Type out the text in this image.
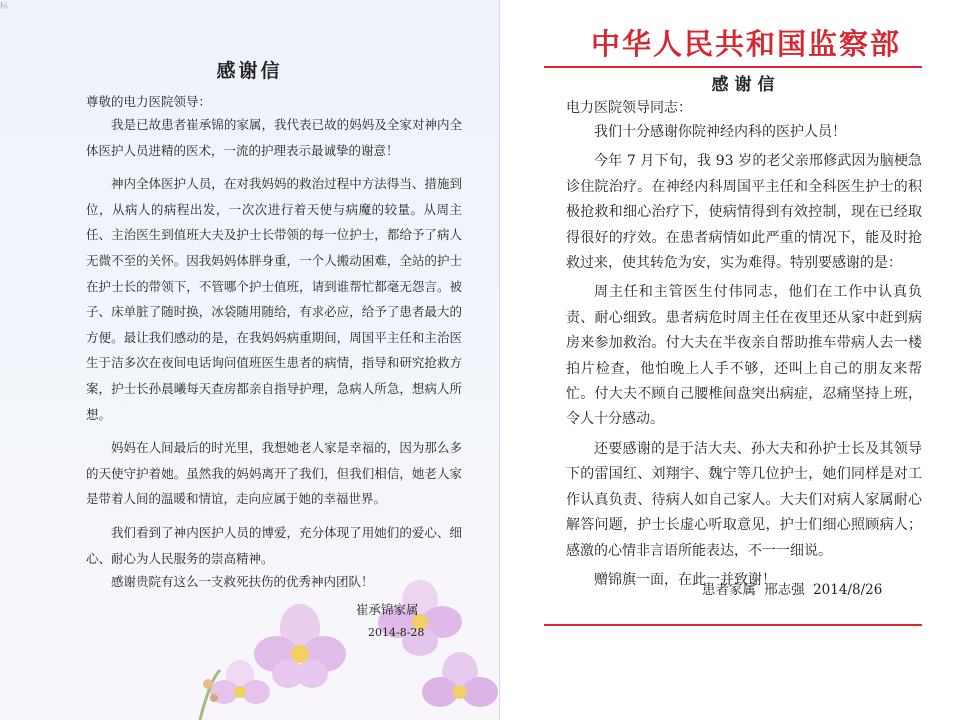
标
感谢信
尊敬的电力医院领导：

我是已故患者崔承锦的家属，我代表已故的妈妈及全家对神内全体医护人员进精的医术，一流的护理表示最诚挚的谢意！

神内全体医护人员，在对我妈妈的救治过程中方法得当、措施到位，从病人的病程出发，一次次进行着天使与病魔的较量。从周主任、主治医生到值班大夫及护士长带领的每一位护士，都给予了病人无微不至的关怀。因我妈妈体胖身重，一个人搬动困难，全站的护士在护士长的带领下，不管哪个护士值班，请到谁帮忙都毫无怨言。被子、床单脏了随时换，冰袋随用随给，有求必应，给予了患者最大的方便。最让我们感动的是，在我妈妈病重期间，周国平主任和主治医生于洁多次在夜间电话询问值班医生患者的病情，指导和研究抢救方案，护士长孙晨曦每天查房都亲自指导护理，急病人所急，想病人所想。

妈妈在人间最后的时光里，我想她老人家是幸福的，因为那么多的天使守护着她。虽然我的妈妈离开了我们，但我们相信，她老人家是带着人间的温暖和情谊，走向应属于她的幸福世界。

我们看到了神内医护人员的博爱，充分体现了用她们的爱心、细心、耐心为人民服务的崇高精神。

感谢贵院有这么一支救死扶伤的优秀神内团队！
崔承锦家属
2014-8-28
中华人民共和国监察部
感谢信
电力医院领导同志：

我们十分感谢你院神经内科的医护人员！

今年 7 月下旬，我 93 岁的老父亲邢修武因为脑梗急诊住院治疗。在神经内科周国平主任和全科医生护士的积极抢救和细心治疗下，使病情得到有效控制，现在已经取得很好的疗效。在患者病情如此严重的情况下，能及时抢救过来，使其转危为安，实为难得。特别要感谢的是：

周主任和主管医生付伟同志，他们在工作中认真负责、耐心细致。患者病危时周主任在夜里还从家中赶到病房来参加救治。付大夫在半夜亲自帮助推车带病人去一楼拍片检查，他怕晚上人手不够，还叫上自己的朋友来帮忙。付大夫不顾自己腰椎间盘突出病症，忍痛坚持上班，令人十分感动。

还要感谢的是于洁大夫、孙大夫和孙护士长及其领导下的雷国红、刘翔宇、魏宁等几位护士，她们同样是对工作认真负责、待病人如自己家人。大夫们对病人家属耐心解答问题，护士长虚心听取意见，护士们细心照顾病人；感激的心情非言语所能表达，不一一细说。

赠锦旗一面，在此一并致谢！

患者家属 邢志强 2014/8/26
